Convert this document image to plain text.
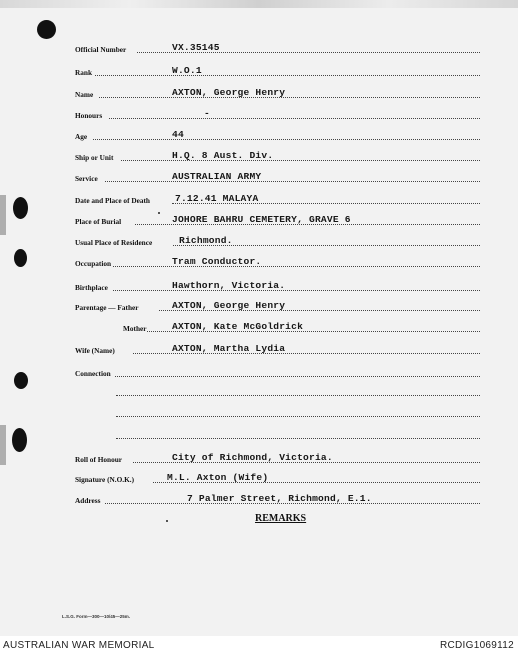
Official Number	VX.35145
Rank	W.O.1
Name	AXTON, George Henry
Honours	-
Age	44
Ship or Unit	H.Q. 8 Aust. Div.
Service	AUSTRALIAN ARMY
Date and Place of Death	7.12.41 MALAYA
Place of Burial	JOHORE BAHRU CEMETERY, GRAVE 6
Usual Place of Residence	Richmond.
Occupation	Tram Conductor.
Birthplace	Hawthorn, Victoria.
Parentage — Father	AXTON, George Henry
Mother	AXTON, Kate McGoldrick
Wife (Name)	AXTON, Martha Lydia
Connection
Roll of Honour	City of Richmond, Victoria.
Signature (N.O.K.)	M.L. Axton (Wife)
Address	7 Palmer Street, Richmond, E.1.
REMARKS
L.S.G. Form—300—10/45—25m.
AUSTRALIAN WAR MEMORIAL	RCDIG1069112
